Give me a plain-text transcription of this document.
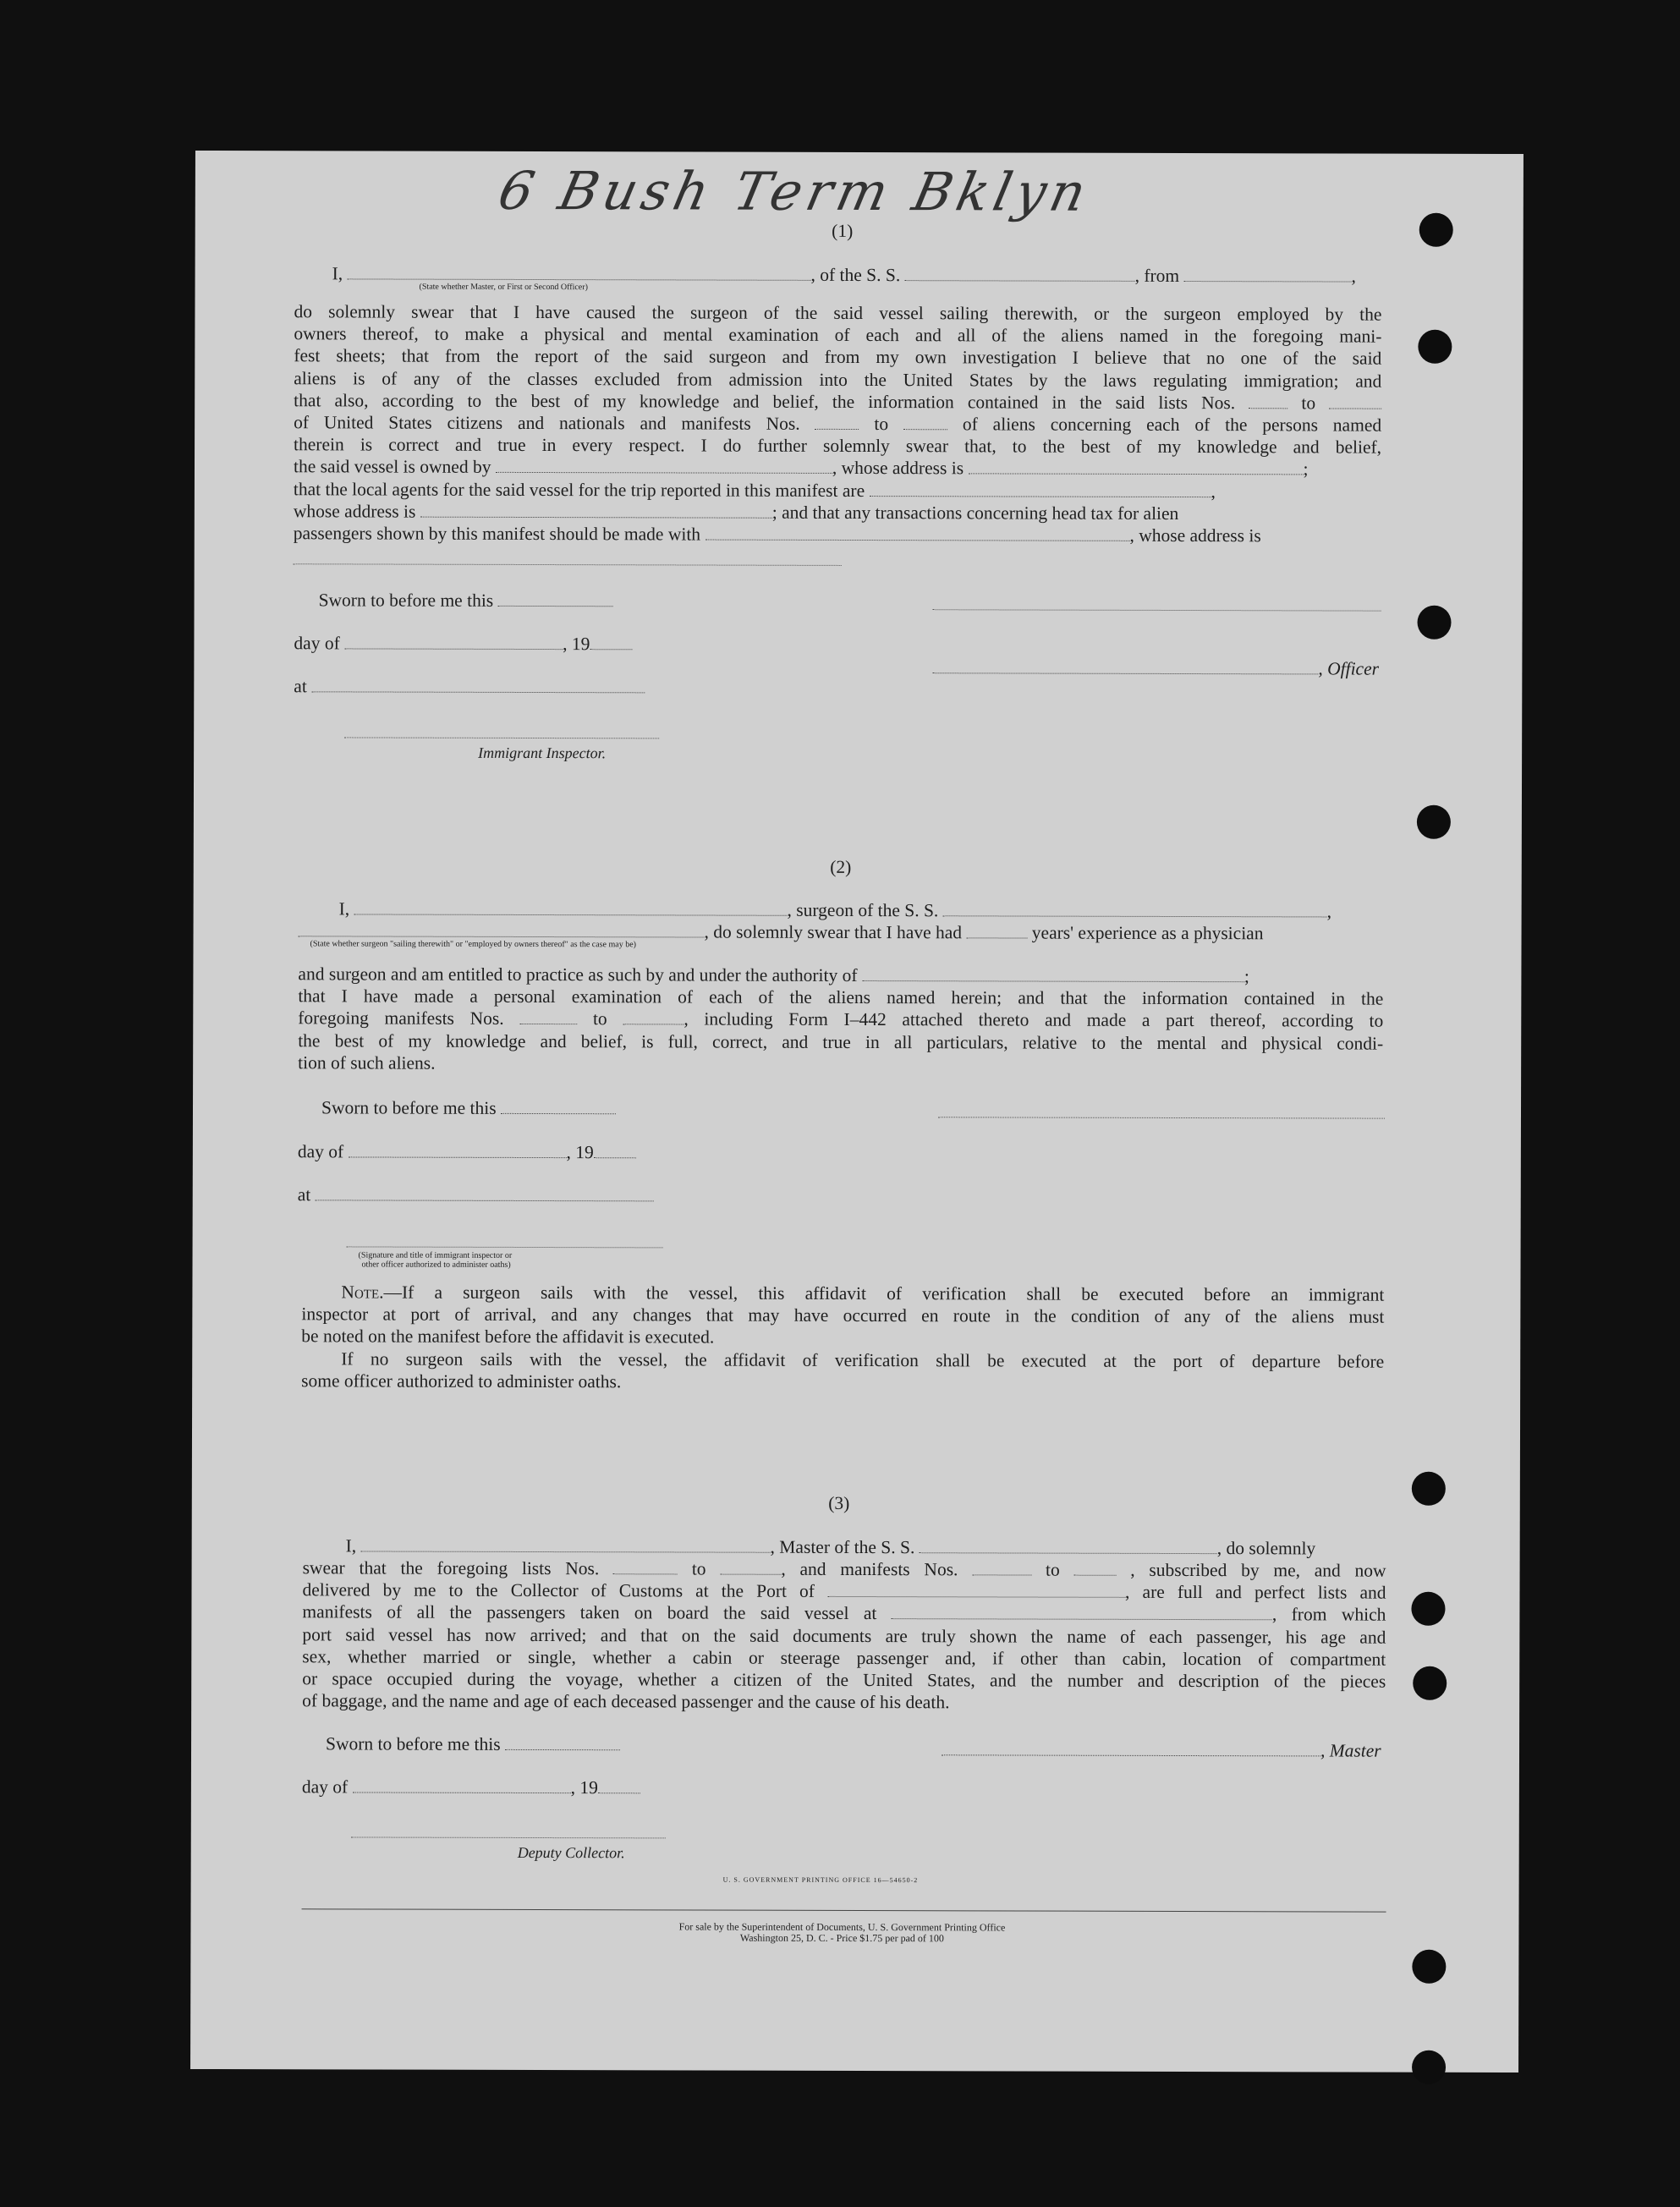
6 Bush Term Bklyn
(1)
I,	, of the S. S.	, from	,
(State whether Master, or First or Second Officer)
do solemnly swear that I have caused the surgeon of the said vessel sailing therewith, or the surgeon employed by the
owners thereof, to make a physical and mental examination of each and all of the aliens named in the foregoing mani-
fest sheets; that from the report of the said surgeon and from my own investigation I believe that no one of the said
aliens is of any of the classes excluded from admission into the United States by the laws regulating immigration; and
that also, according to the best of my knowledge and belief, the information contained in the said lists Nos.	to
of United States citizens and nationals and manifests Nos.	to	of aliens concerning each of the persons named
therein is correct and true in every respect. I do further solemnly swear that, to the best of my knowledge and belief,
the said vessel is owned by	, whose address is	;
that the local agents for the said vessel for the trip reported in this manifest are	,
whose address is	; and that any transactions concerning head tax for alien
passengers shown by this manifest should be made with	, whose address is
Sworn to before me this
day of	, 19
, Officer
at
Immigrant Inspector.
(2)
I,	, surgeon of the S. S.	,
, do solemnly swear that I have had	years' experience as a physician
(State whether surgeon "sailing therewith" or "employed by owners thereof" as the case may be)
and surgeon and am entitled to practice as such by and under the authority of	;
that I have made a personal examination of each of the aliens named herein; and that the information contained in the
foregoing manifests Nos.	to	, including Form I–442 attached thereto and made a part thereof, according to
the best of my knowledge and belief, is full, correct, and true in all particulars, relative to the mental and physical condi-
tion of such aliens.
Sworn to before me this
day of	, 19
at
(Signature and title of immigrant inspector or
other officer authorized to administer oaths)
Note.—If a surgeon sails with the vessel, this affidavit of verification shall be executed before an immigrant
inspector at port of arrival, and any changes that may have occurred en route in the condition of any of the aliens must
be noted on the manifest before the affidavit is executed.
If no surgeon sails with the vessel, the affidavit of verification shall be executed at the port of departure before
some officer authorized to administer oaths.
(3)
I,	, Master of the S. S.	, do solemnly
swear that the foregoing lists Nos.	to	, and manifests Nos.	to	, subscribed by me, and now
delivered by me to the Collector of Customs at the Port of	, are full and perfect lists and
manifests of all the passengers taken on board the said vessel at	, from which
port said vessel has now arrived; and that on the said documents are truly shown the name of each passenger, his age and
sex, whether married or single, whether a cabin or steerage passenger and, if other than cabin, location of compartment
or space occupied during the voyage, whether a citizen of the United States, and the number and description of the pieces
of baggage, and the name and age of each deceased passenger and the cause of his death.
Sworn to before me this	, Master
day of	, 19
Deputy Collector.
U. S. GOVERNMENT PRINTING OFFICE 16—54650-2
For sale by the Superintendent of Documents, U. S. Government Printing Office
Washington 25, D. C. - Price $1.75 per pad of 100
